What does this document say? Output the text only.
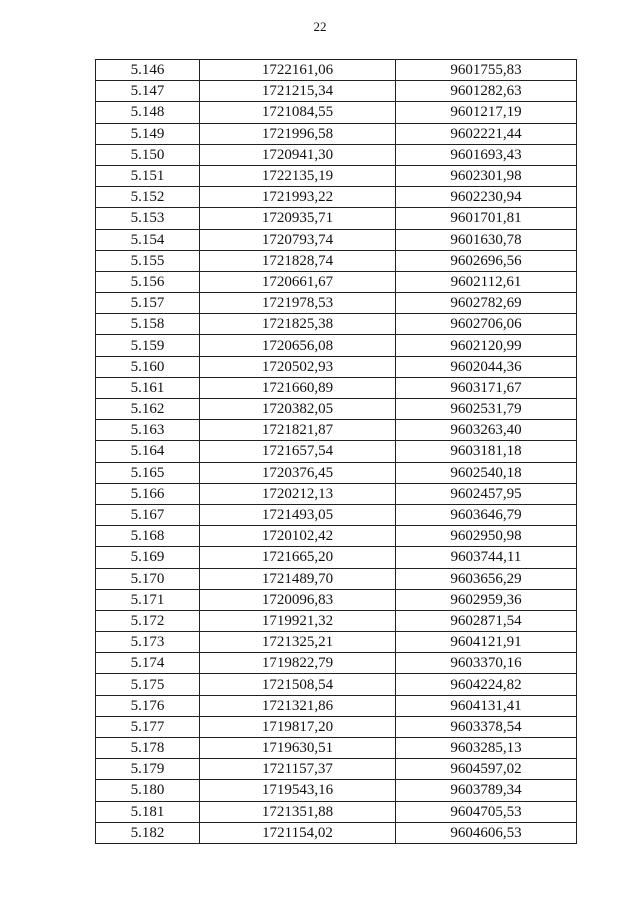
22
5.146	1722161,06	9601755,83
5.147	1721215,34	9601282,63
5.148	1721084,55	9601217,19
5.149	1721996,58	9602221,44
5.150	1720941,30	9601693,43
5.151	1722135,19	9602301,98
5.152	1721993,22	9602230,94
5.153	1720935,71	9601701,81
5.154	1720793,74	9601630,78
5.155	1721828,74	9602696,56
5.156	1720661,67	9602112,61
5.157	1721978,53	9602782,69
5.158	1721825,38	9602706,06
5.159	1720656,08	9602120,99
5.160	1720502,93	9602044,36
5.161	1721660,89	9603171,67
5.162	1720382,05	9602531,79
5.163	1721821,87	9603263,40
5.164	1721657,54	9603181,18
5.165	1720376,45	9602540,18
5.166	1720212,13	9602457,95
5.167	1721493,05	9603646,79
5.168	1720102,42	9602950,98
5.169	1721665,20	9603744,11
5.170	1721489,70	9603656,29
5.171	1720096,83	9602959,36
5.172	1719921,32	9602871,54
5.173	1721325,21	9604121,91
5.174	1719822,79	9603370,16
5.175	1721508,54	9604224,82
5.176	1721321,86	9604131,41
5.177	1719817,20	9603378,54
5.178	1719630,51	9603285,13
5.179	1721157,37	9604597,02
5.180	1719543,16	9603789,34
5.181	1721351,88	9604705,53
5.182	1721154,02	9604606,53
